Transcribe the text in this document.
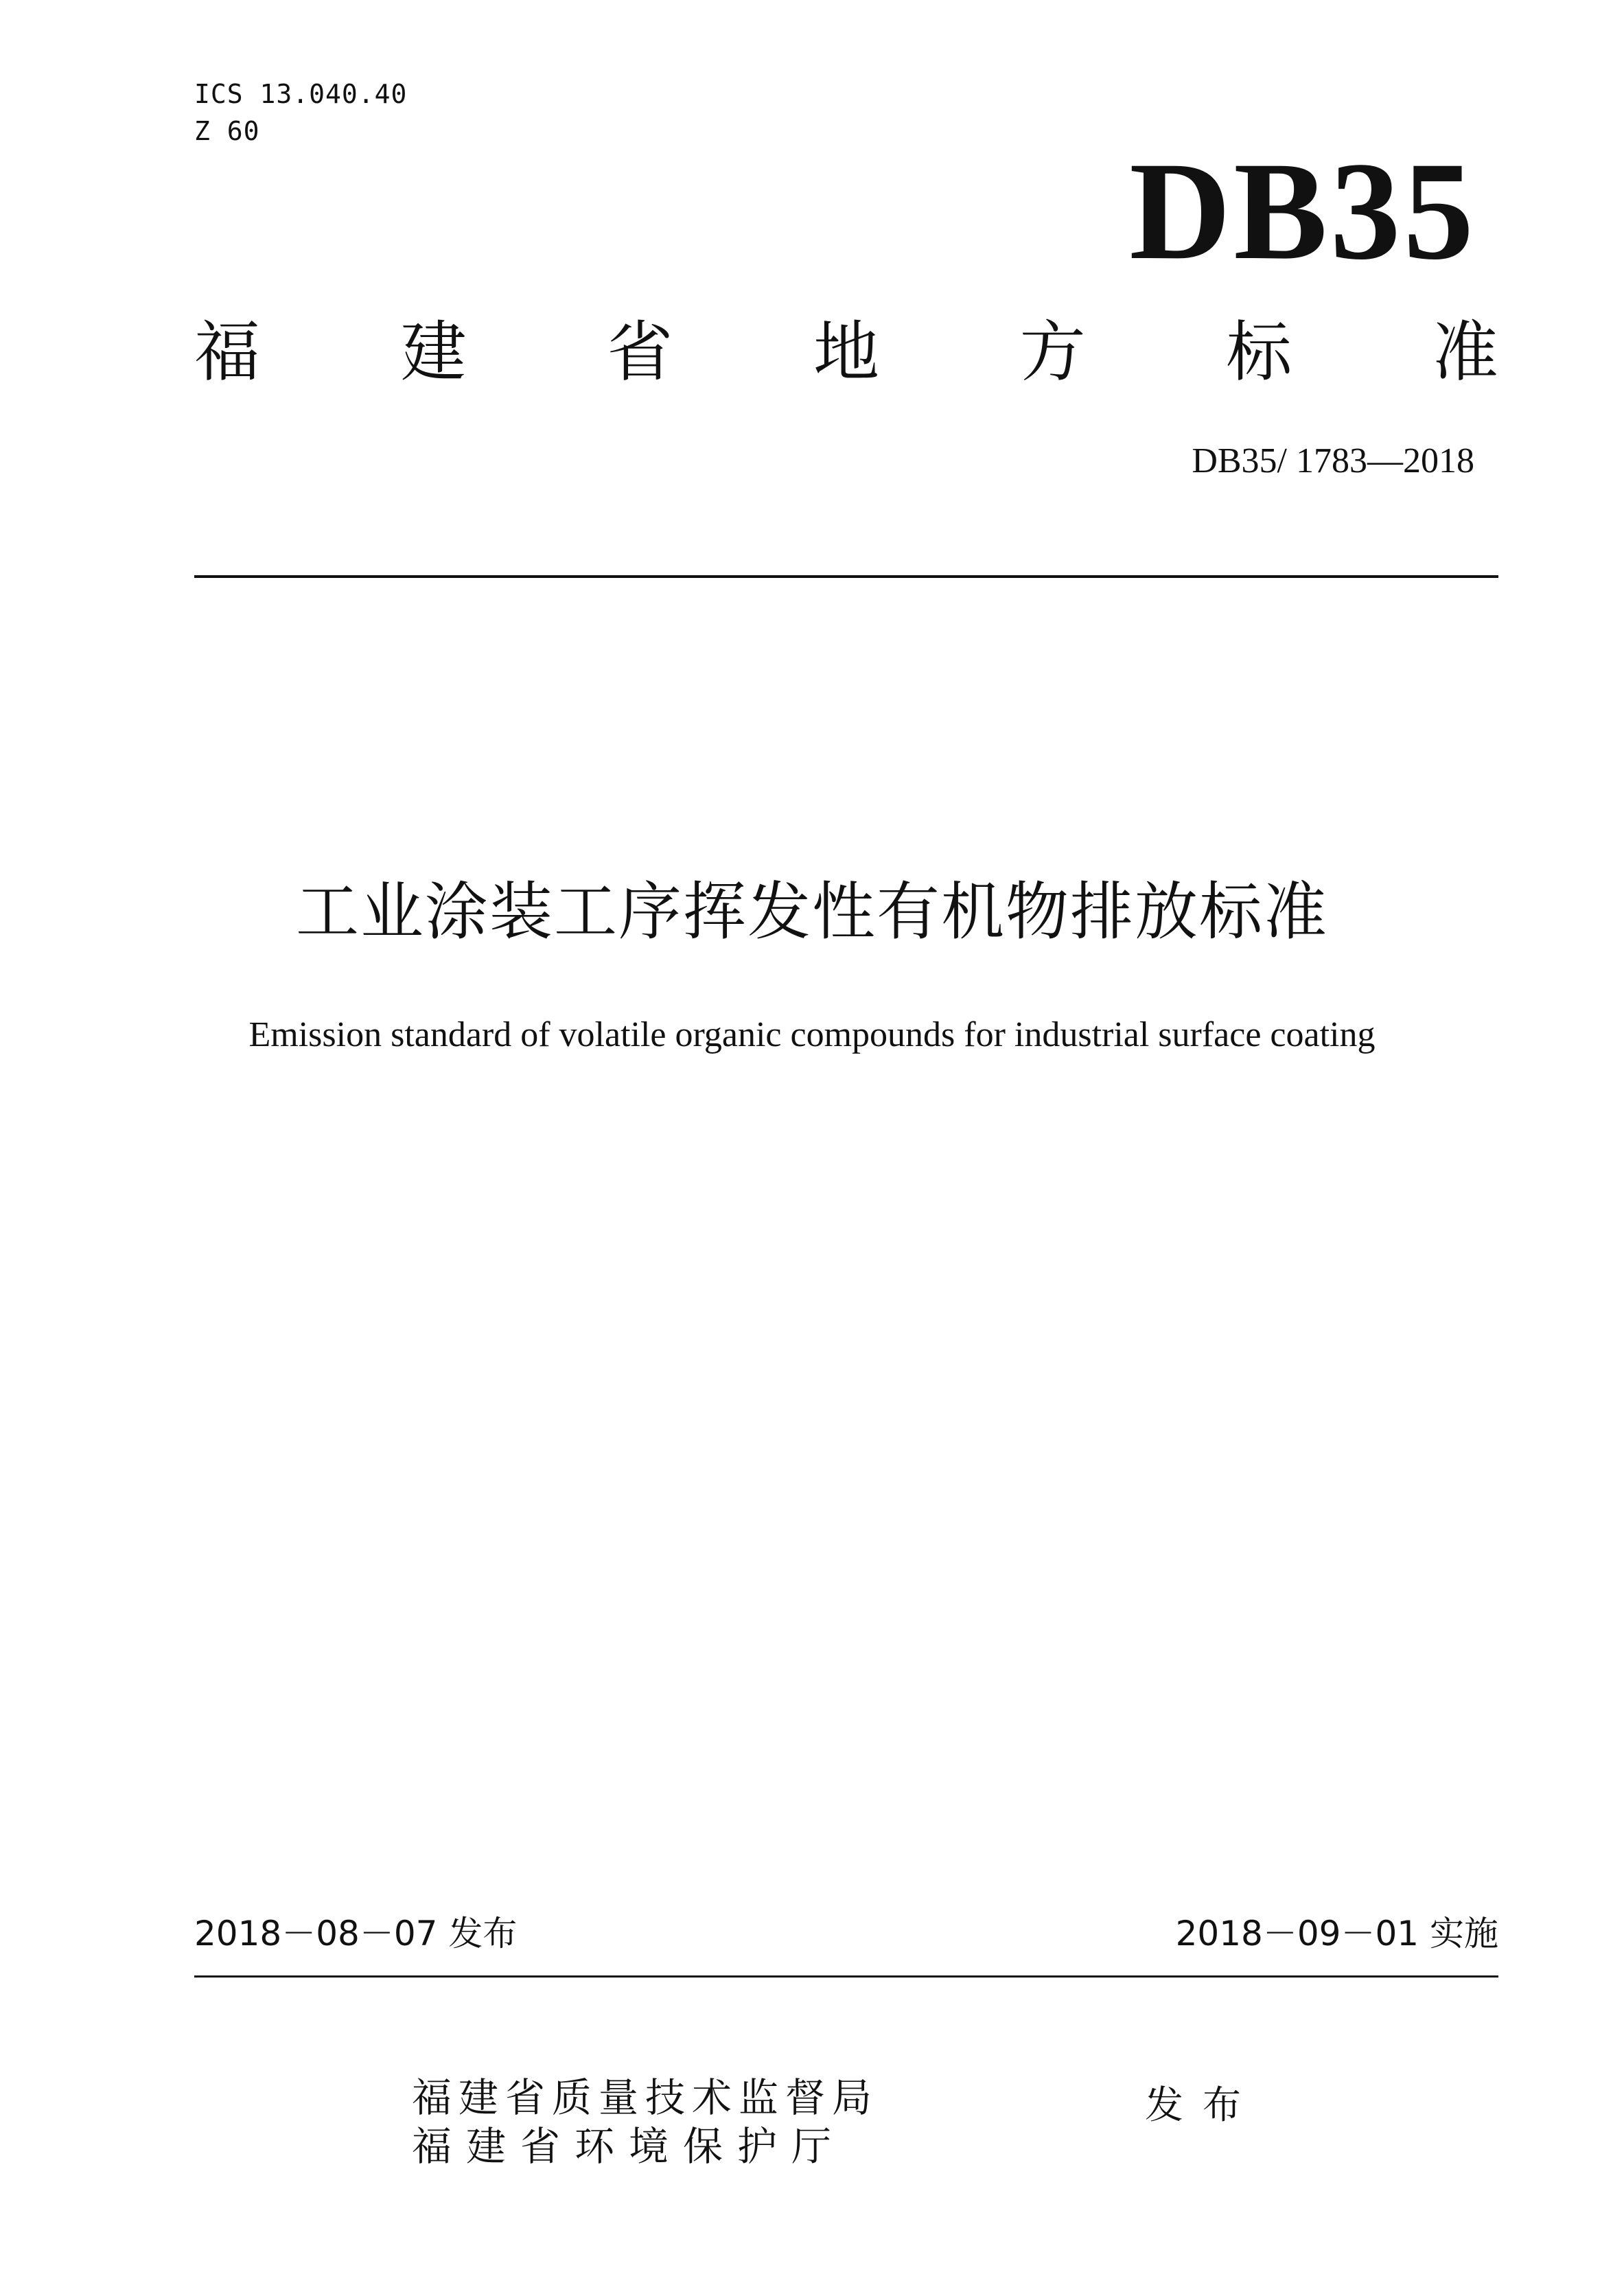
ICS 13.040.40
Z 60
DB35
福 建 省 地 方 标 准
DB35/ 1783—2018
工业涂装工序挥发性有机物排放标准
Emission standard of volatile organic compounds for industrial surface coating
2018－08－07 发布	2018－09－01 实施
福建省质量技术监督局
福建省环境保护厅
发布
